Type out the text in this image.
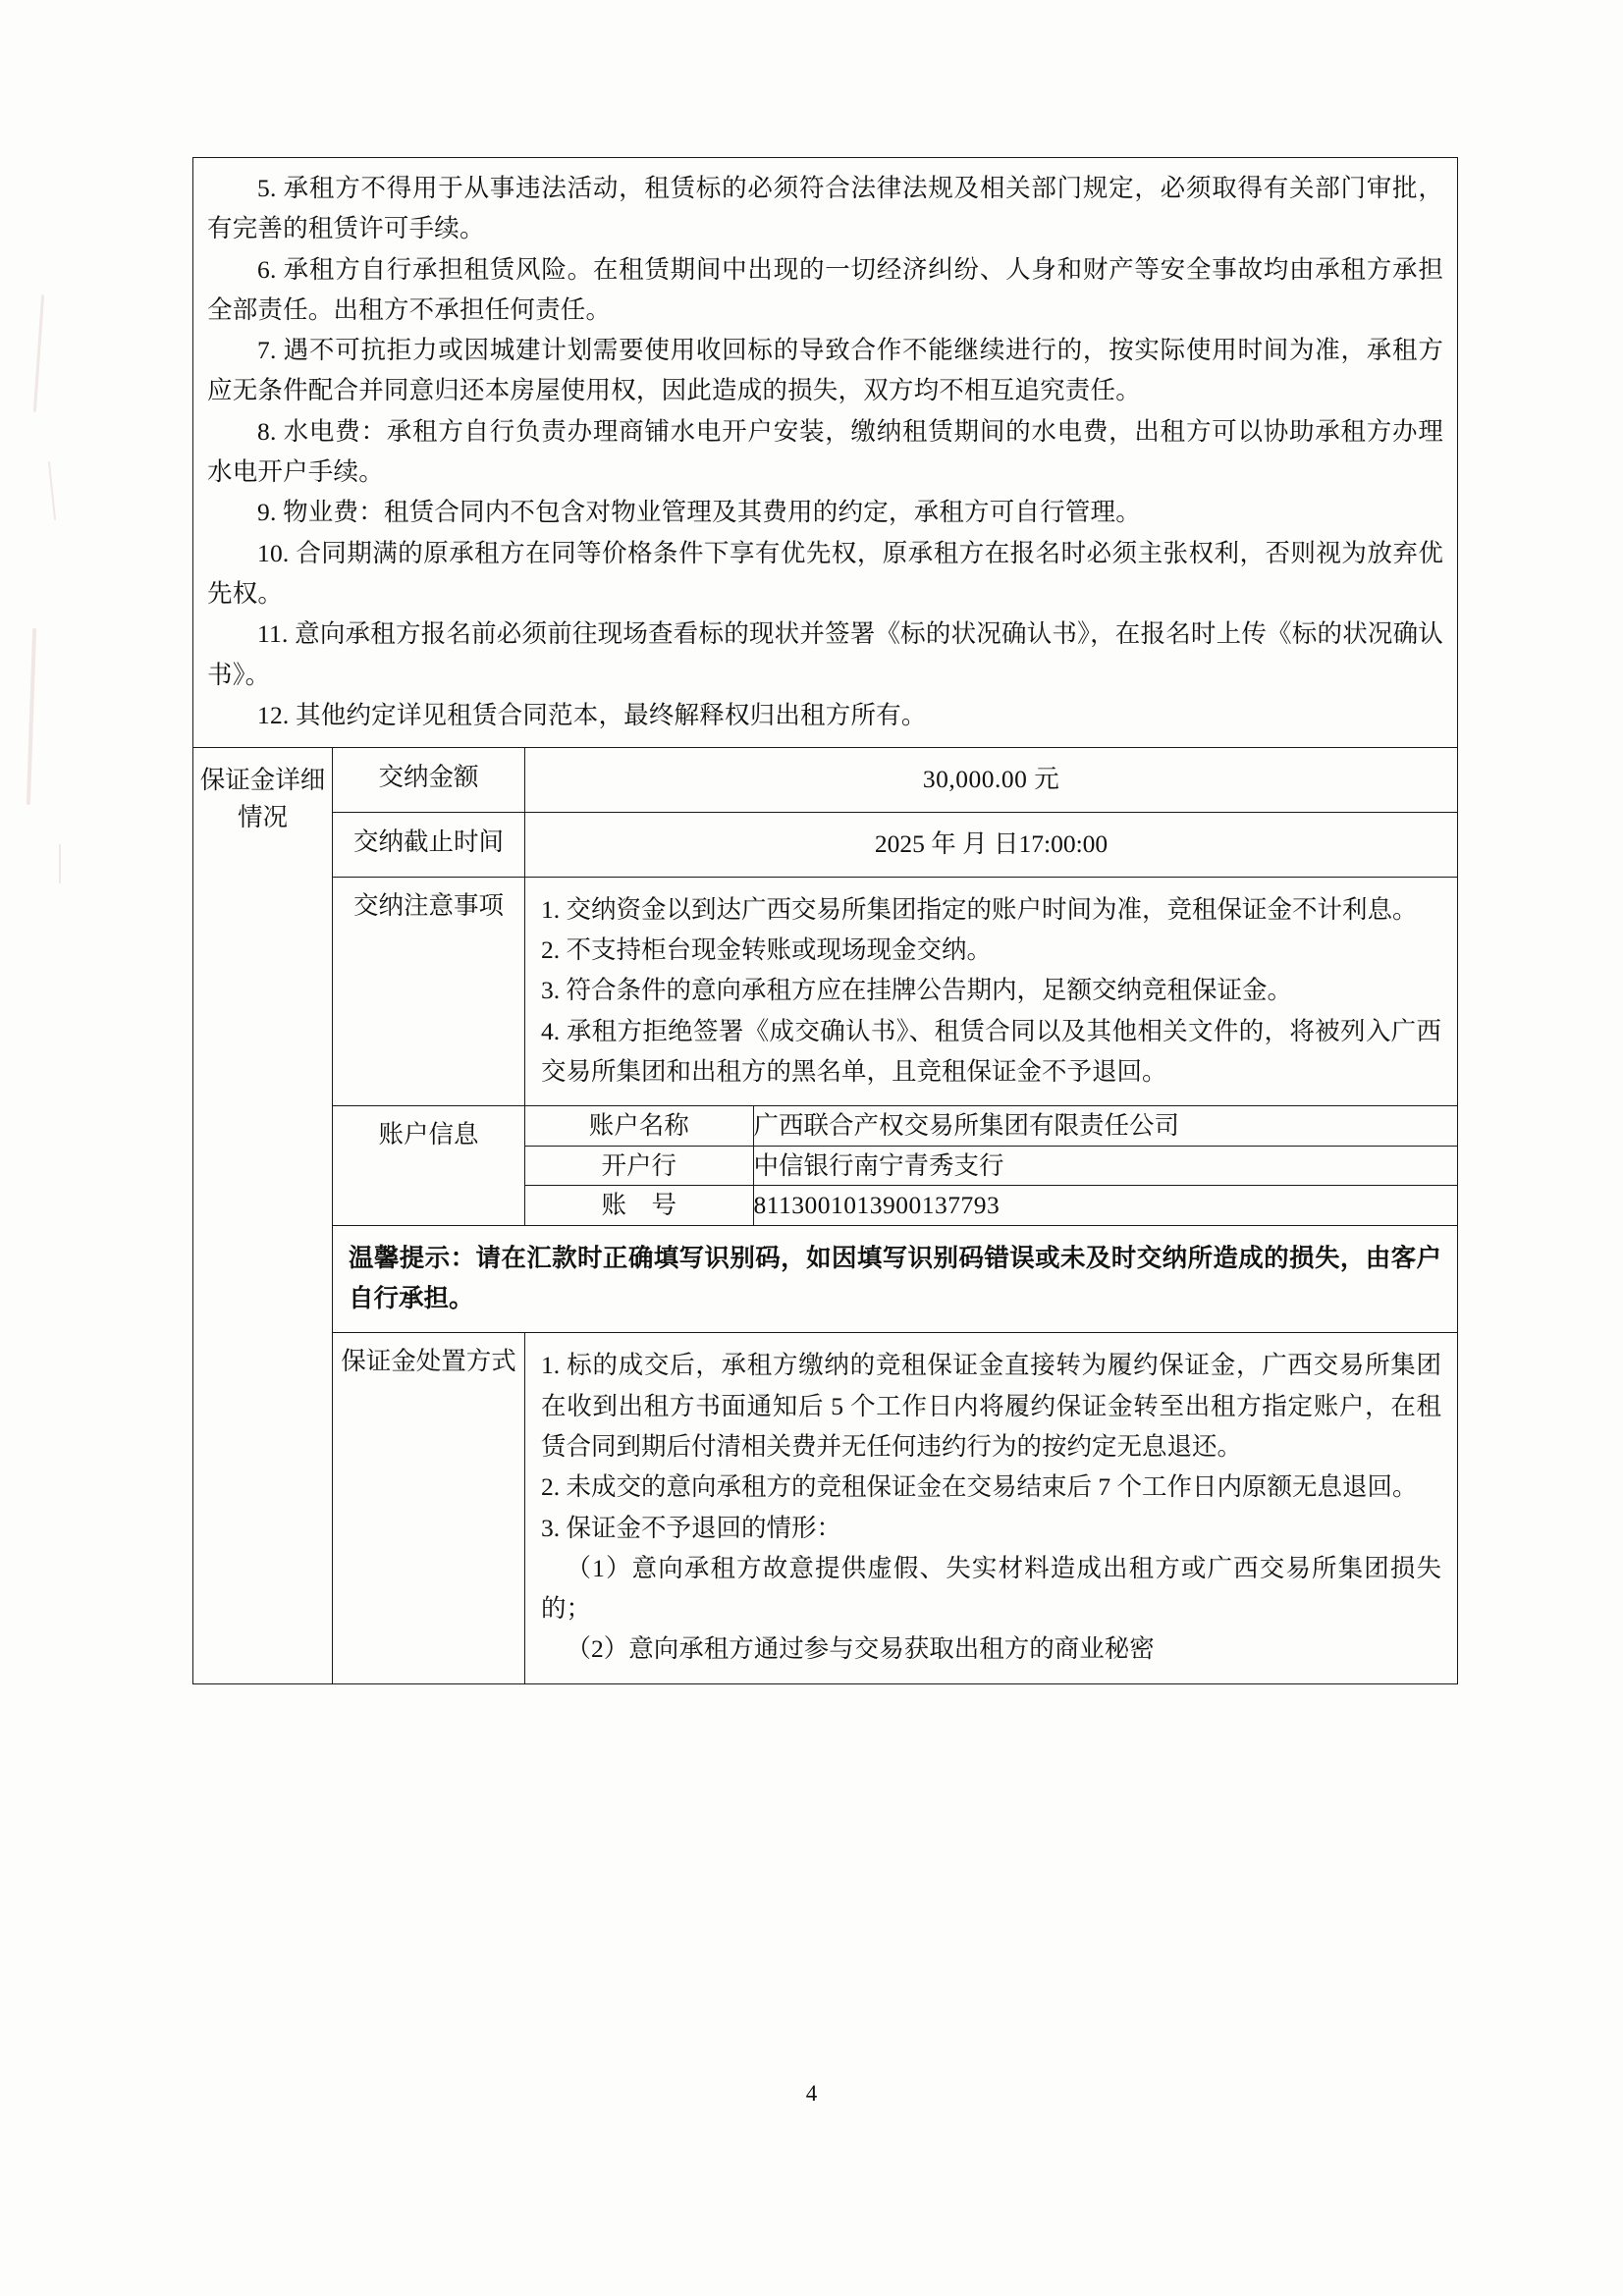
5. 承租方不得用于从事违法活动，租赁标的必须符合法律法规及相关部门规定，必须取得有关部门审批，有完善的租赁许可手续。

6. 承租方自行承担租赁风险。在租赁期间中出现的一切经济纠纷、人身和财产等安全事故均由承租方承担全部责任。出租方不承担任何责任。

7. 遇不可抗拒力或因城建计划需要使用收回标的导致合作不能继续进行的，按实际使用时间为准，承租方应无条件配合并同意归还本房屋使用权，因此造成的损失，双方均不相互追究责任。

8. 水电费：承租方自行负责办理商铺水电开户安装，缴纳租赁期间的水电费，出租方可以协助承租方办理水电开户手续。

9. 物业费：租赁合同内不包含对物业管理及其费用的约定，承租方可自行管理。

10. 合同期满的原承租方在同等价格条件下享有优先权，原承租方在报名时必须主张权利，否则视为放弃优先权。

11. 意向承租方报名前必须前往现场查看标的现状并签署《标的状况确认书》，在报名时上传《标的状况确认书》。

12. 其他约定详见租赁合同范本，最终解释权归出租方所有。

保证金详细情况

交纳金额	30,000.00 元

交纳截止时间	2025 年 月 日17:00:00

交纳注意事项	1. 交纳资金以到达广西交易所集团指定的账户时间为准，竞租保证金不计利息。

2. 不支持柜台现金转账或现场现金交纳。

3. 符合条件的意向承租方应在挂牌公告期内，足额交纳竞租保证金。

4. 承租方拒绝签署《成交确认书》、租赁合同以及其他相关文件的，将被列入广西交易所集团和出租方的黑名单，且竞租保证金不予退回。

账户信息
		账户名称	广西联合产权交易所集团有限责任公司
开户行	中信银行南宁青秀支行
账　号	8113001013900137793

温馨提示：请在汇款时正确填写识别码，如因填写识别码错误或未及时交纳所造成的损失，由客户自行承担。

保证金处置方式	1. 标的成交后，承租方缴纳的竞租保证金直接转为履约保证金，广西交易所集团在收到出租方书面通知后 5 个工作日内将履约保证金转至出租方指定账户，在租赁合同到期后付清相关费并无任何违约行为的按约定无息退还。

2. 未成交的意向承租方的竞租保证金在交易结束后 7 个工作日内原额无息退回。

3. 保证金不予退回的情形：

（1）意向承租方故意提供虚假、失实材料造成出租方或广西交易所集团损失的；

（2）意向承租方通过参与交易获取出租方的商业秘密

4
